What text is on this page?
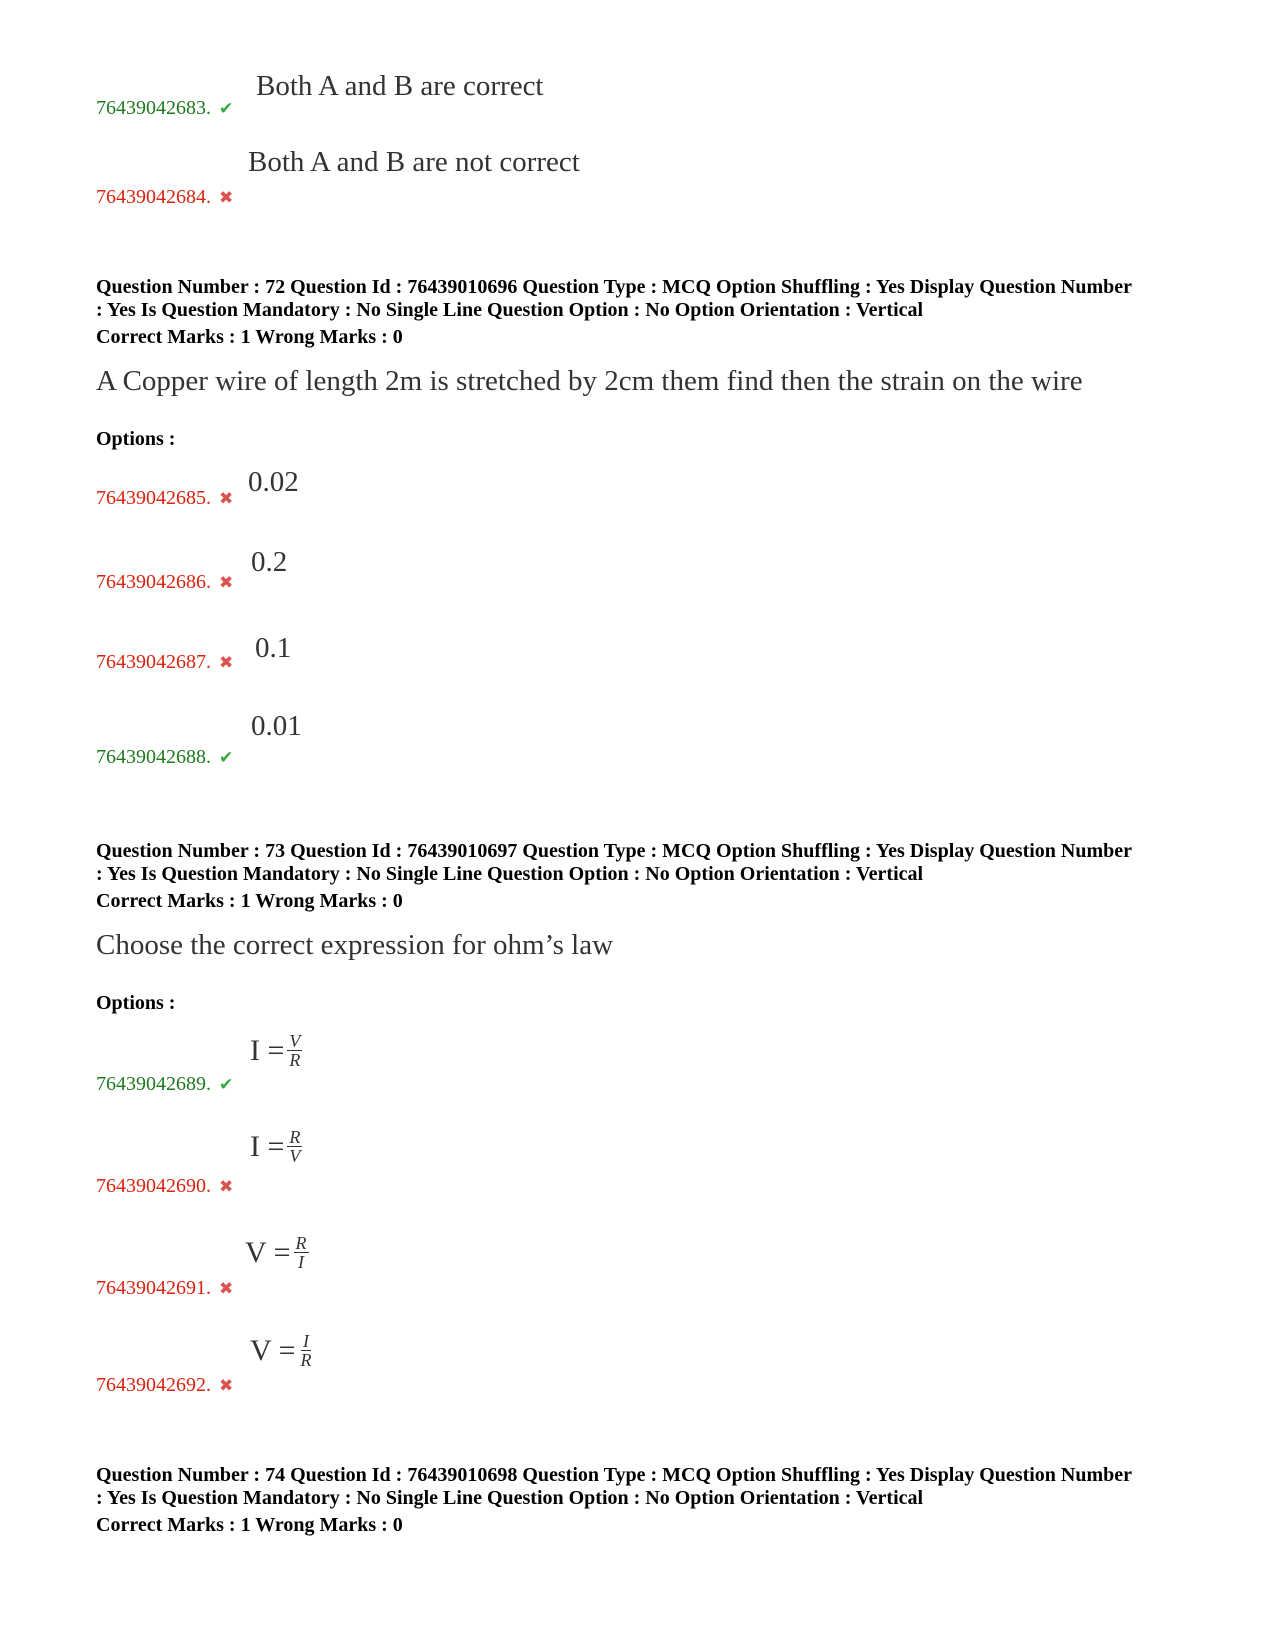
Both A and B are correct
76439042683. ✔
Both A and B are not correct
76439042684. ✖

Question Number : 72 Question Id : 76439010696 Question Type : MCQ Option Shuffling : Yes Display Question Number

: Yes Is Question Mandatory : No Single Line Question Option : No Option Orientation : Vertical

Correct Marks : 1 Wrong Marks : 0
A Copper wire of length 2m is stretched by 2cm them find then the strain on the wire
Options :
0.02
76439042685. ✖
0.2
76439042686. ✖
0.1
76439042687. ✖
0.01
76439042688. ✔

Question Number : 73 Question Id : 76439010697 Question Type : MCQ Option Shuffling : Yes Display Question Number

: Yes Is Question Mandatory : No Single Line Question Option : No Option Orientation : Vertical

Correct Marks : 1 Wrong Marks : 0
Choose the correct expression for ohm’s law
Options :
$I = \frac{V}{R}$
76439042689. ✔
$I = \frac{R}{V}$
76439042690. ✖
$V = \frac{R}{I}$
76439042691. ✖
$V = \frac{I}{R}$
76439042692. ✖

Question Number : 74 Question Id : 76439010698 Question Type : MCQ Option Shuffling : Yes Display Question Number

: Yes Is Question Mandatory : No Single Line Question Option : No Option Orientation : Vertical

Correct Marks : 1 Wrong Marks : 0
